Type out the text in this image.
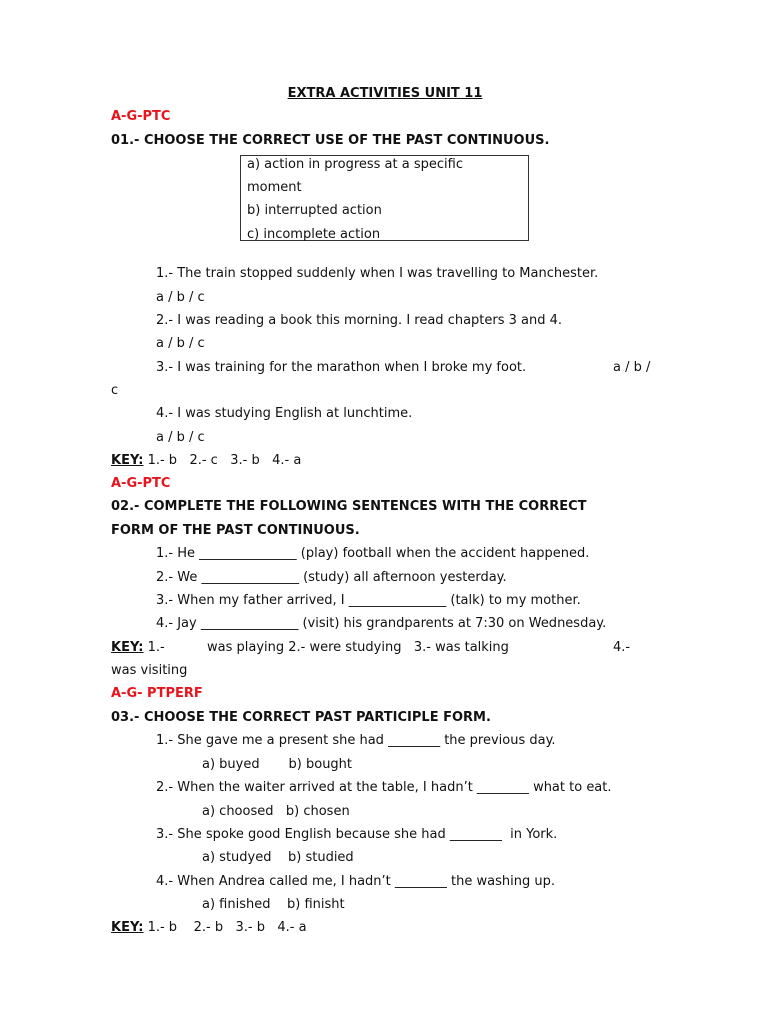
EXTRA ACTIVITIES UNIT 11
A-G-PTC
01.- CHOOSE THE CORRECT USE OF THE PAST CONTINUOUS.
a) action in progress at a specific
moment
b) interrupted action
c) incomplete action
1.- The train stopped suddenly when I was travelling to Manchester.
a / b / c
2.- I was reading a book this morning. I read chapters 3 and 4.
a / b / c
3.- I was training for the marathon when I broke my foot.	a / b /
c
4.- I was studying English at lunchtime.
a / b / c
KEY: 1.- b   2.- c   3.- b   4.- a
A-G-PTC
02.- COMPLETE THE FOLLOWING SENTENCES WITH THE CORRECT
FORM OF THE PAST CONTINUOUS.
1.- He _______________ (play) football when the accident happened.
2.- We _______________ (study) all afternoon yesterday.
3.- When my father arrived, I _______________ (talk) to my mother.
4.- Jay _______________ (visit) his grandparents at 7:30 on Wednesday.
KEY: 1.-	was playing 2.- were studying   3.- was talking	4.-
was visiting
A-G- PTPERF
03.- CHOOSE THE CORRECT PAST PARTICIPLE FORM.
1.- She gave me a present she had ________ the previous day.
a) buyed       b) bought
2.- When the waiter arrived at the table, I hadn’t ________ what to eat.
a) choosed   b) chosen
3.- She spoke good English because she had ________  in York.
a) studyed    b) studied
4.- When Andrea called me, I hadn’t ________ the washing up.
a) finished    b) finisht
KEY: 1.- b    2.- b   3.- b   4.- a
